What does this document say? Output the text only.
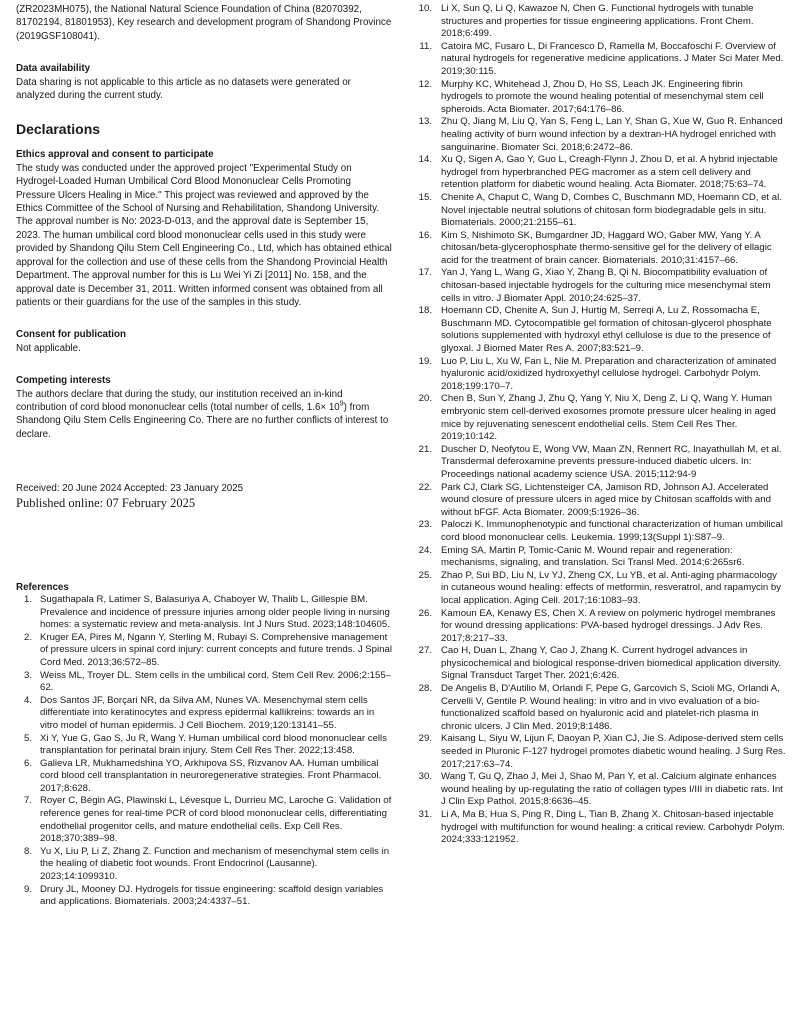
(ZR2023MH075), the National Natural Science Foundation of China (82070392, 81702194, 81801953), Key research and development program of Shandong Province (2019GSF108041).

Data availability

Data sharing is not applicable to this article as no datasets were generated or analyzed during the current study.

Declarations
Ethics approval and consent to participate

The study was conducted under the approved project "Experimental Study on Hydrogel-Loaded Human Umbilical Cord Blood Mononuclear Cells Promoting Pressure Ulcers Healing in Mice." This project was reviewed and approved by the Ethics Committee of the School of Nursing and Rehabilitation, Shandong University. The approval number is No: 2023-D-013, and the approval date is September 15, 2023. The human umbilical cord blood mononuclear cells used in this study were provided by Shandong Qilu Stem Cell Engineering Co., Ltd, which has obtained ethical approval for the collection and use of these cells from the Shandong Provincial Health Department. The approval number for this is Lu Wei Yi Zi [2011] No. 158, and the approval date is December 31, 2011. Written informed consent was obtained from all patients or their guardians for the use of the samples in this study.

Consent for publication

Not applicable.

Competing interests

The authors declare that during the study, our institution received an in-kind contribution of cord blood mononuclear cells (total number of cells, $1.6\times 10^9$) from Shandong Qilu Stem Cells Engineering Co. There are no further conflicts of interest to declare.

Received: 20 June 2024 Accepted: 23 January 2025

Published online: 07 February 2025

References
1. Sugathapala R, Latimer S, Balasuriya A, Chaboyer W, Thalib L, Gillespie BM. Prevalence and incidence of pressure injuries among older people living in nursing homes: a systematic review and meta-analysis. Int J Nurs Stud. 2023;148:104605.
2. Kruger EA, Pires M, Ngann Y, Sterling M, Rubayi S. Comprehensive management of pressure ulcers in spinal cord injury: current concepts and future trends. J Spinal Cord Med. 2013;36:572–85.
3. Weiss ML, Troyer DL. Stem cells in the umbilical cord. Stem Cell Rev. 2006;2:155–62.
4. Dos Santos JF, Borçari NR, da Silva AM, Nunes VA. Mesenchymal stem cells differentiate into keratinocytes and express epidermal kallikreins: towards an in vitro model of human epidermis. J Cell Biochem. 2019;120:13141–55.
5. Xi Y, Yue G, Gao S, Ju R, Wang Y. Human umbilical cord blood mononuclear cells transplantation for perinatal brain injury. Stem Cell Res Ther. 2022;13:458.
6. Galieva LR, Mukhamedshina YO, Arkhipova SS, Rizvanov AA. Human umbilical cord blood cell transplantation in neuroregenerative strategies. Front Pharmacol. 2017;8:628.
7. Royer C, Bégin AG, Plawinski L, Lévesque L, Durrieu MC, Laroche G. Validation of reference genes for real-time PCR of cord blood mononuclear cells, differentiating endothelial progenitor cells, and mature endothelial cells. Exp Cell Res. 2018;370:389–98.
8. Yu X, Liu P, Li Z, Zhang Z. Function and mechanism of mesenchymal stem cells in the healing of diabetic foot wounds. Front Endocrinol (Lausanne). 2023;14:1099310.
9. Drury JL, Mooney DJ. Hydrogels for tissue engineering: scaffold design variables and applications. Biomaterials. 2003;24:4337–51.
10. Li X, Sun Q, Li Q, Kawazoe N, Chen G. Functional hydrogels with tunable structures and properties for tissue engineering applications. Front Chem. 2018;6:499.
11. Catoira MC, Fusaro L, Di Francesco D, Ramella M, Boccafoschi F. Overview of natural hydrogels for regenerative medicine applications. J Mater Sci Mater Med. 2019;30:115.
12. Murphy KC, Whitehead J, Zhou D, Ho SS, Leach JK. Engineering fibrin hydrogels to promote the wound healing potential of mesenchymal stem cell spheroids. Acta Biomater. 2017;64:176–86.
13. Zhu Q, Jiang M, Liu Q, Yan S, Feng L, Lan Y, Shan G, Xue W, Guo R. Enhanced healing activity of burn wound infection by a dextran-HA hydrogel enriched with sanguinarine. Biomater Sci. 2018;6:2472–86.
14. Xu Q, Sigen A, Gao Y, Guo L, Creagh-Flynn J, Zhou D, et al. A hybrid injectable hydrogel from hyperbranched PEG macromer as a stem cell delivery and retention platform for diabetic wound healing. Acta Biomater. 2018;75:63–74.
15. Chenite A, Chaput C, Wang D, Combes C, Buschmann MD, Hoemann CD, et al. Novel injectable neutral solutions of chitosan form biodegradable gels in situ. Biomaterials. 2000;21:2155–61.
16. Kim S, Nishimoto SK, Bumgardner JD, Haggard WO, Gaber MW, Yang Y. A chitosan/beta-glycerophosphate thermo-sensitive gel for the delivery of ellagic acid for the treatment of brain cancer. Biomaterials. 2010;31:4157–66.
17. Yan J, Yang L, Wang G, Xiao Y, Zhang B, Qi N. Biocompatibility evaluation of chitosan-based injectable hydrogels for the culturing mice mesenchymal stem cells in vitro. J Biomater Appl. 2010;24:625–37.
18. Hoemann CD, Chenite A, Sun J, Hurtig M, Serreqi A, Lu Z, Rossomacha E, Buschmann MD. Cytocompatible gel formation of chitosan-glycerol phosphate solutions supplemented with hydroxyl ethyl cellulose is due to the presence of glyoxal. J Biomed Mater Res A. 2007;83:521–9.
19. Luo P, Liu L, Xu W, Fan L, Nie M. Preparation and characterization of aminated hyaluronic acid/oxidized hydroxyethyl cellulose hydrogel. Carbohydr Polym. 2018;199:170–7.
20. Chen B, Sun Y, Zhang J, Zhu Q, Yang Y, Niu X, Deng Z, Li Q, Wang Y. Human embryonic stem cell-derived exosomes promote pressure ulcer healing in aged mice by rejuvenating senescent endothelial cells. Stem Cell Res Ther. 2019;10:142.
21. Duscher D, Neofytou E, Wong VW, Maan ZN, Rennert RC, Inayathullah M, et al. Transdermal deferoxamine prevents pressure-induced diabetic ulcers. In: Proceedings national academy science USA. 2015;112:94-9
22. Park CJ, Clark SG, Lichtensteiger CA, Jamison RD, Johnson AJ. Accelerated wound closure of pressure ulcers in aged mice by Chitosan scaffolds with and without bFGF. Acta Biomater. 2009;5:1926–36.
23. Paloczi K. Immunophenotypic and functional characterization of human umbilical cord blood mononuclear cells. Leukemia. 1999;13(Suppl 1):S87–9.
24. Eming SA, Martin P, Tomic-Canic M. Wound repair and regeneration: mechanisms, signaling, and translation. Sci Transl Med. 2014;6:265sr6.
25. Zhao P, Sui BD, Liu N, Lv YJ, Zheng CX, Lu YB, et al. Anti-aging pharmacology in cutaneous wound healing: effects of metformin, resveratrol, and rapamycin by local application. Aging Cell. 2017;16:1083–93.
26. Kamoun EA, Kenawy ES, Chen X. A review on polymeric hydrogel membranes for wound dressing applications: PVA-based hydrogel dressings. J Adv Res. 2017;8:217–33.
27. Cao H, Duan L, Zhang Y, Cao J, Zhang K. Current hydrogel advances in physicochemical and biological response-driven biomedical application diversity. Signal Transduct Target Ther. 2021;6:426.
28. De Angelis B, D'Autilio M, Orlandi F, Pepe G, Garcovich S, Scioli MG, Orlandi A, Cervelli V, Gentile P. Wound healing: in vitro and in vivo evaluation of a bio-functionalized scaffold based on hyaluronic acid and platelet-rich plasma in chronic ulcers. J Clin Med. 2019;8:1486.
29. Kaisang L, Siyu W, Lijun F, Daoyan P, Xian CJ, Jie S. Adipose-derived stem cells seeded in Pluronic F-127 hydrogel promotes diabetic wound healing. J Surg Res. 2017;217:63–74.
30. Wang T, Gu Q, Zhao J, Mei J, Shao M, Pan Y, et al. Calcium alginate enhances wound healing by up-regulating the ratio of collagen types I/III in diabetic rats. Int J Clin Exp Pathol. 2015;8:6636–45.
31. Li A, Ma B, Hua S, Ping R, Ding L, Tian B, Zhang X. Chitosan-based injectable hydrogel with multifunction for wound healing: a critical review. Carbohydr Polym. 2024;333:121952.
